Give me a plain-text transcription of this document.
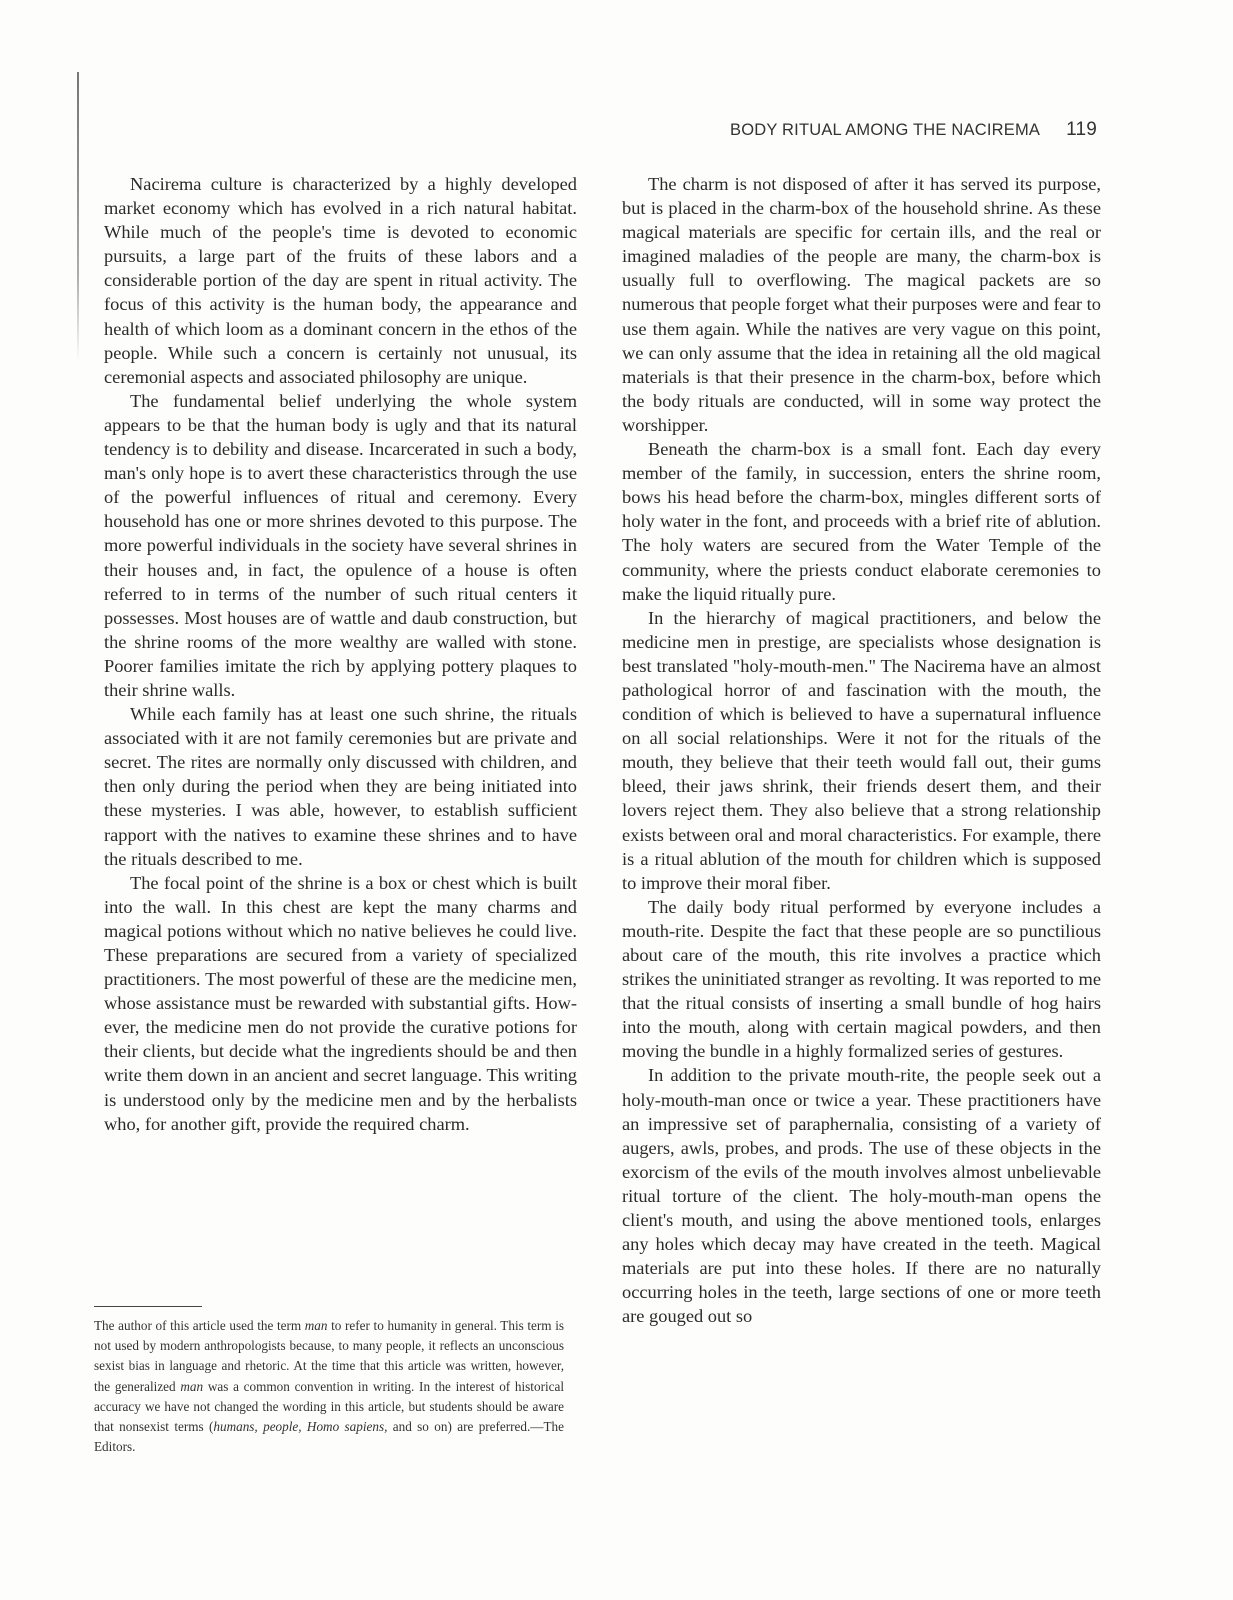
BODY RITUAL AMONG THE NACIREMA 119

Nacirema culture is characterized by a highly developed market economy which has evolved in a rich natural habitat. While much of the people's time is devoted to economic pursuits, a large part of the fruits of these labors and a considerable portion of the day are spent in ritual activity. The focus of this activity is the human body, the appearance and health of which loom as a dominant concern in the ethos of the people. While such a concern is certainly not unusual, its ceremonial aspects and associated philosophy are unique.

The fundamental belief underlying the whole system appears to be that the human body is ugly and that its natural tendency is to debility and disease. Incarcerated in such a body, man's only hope is to avert these characteristics through the use of the powerful influences of ritual and ceremony. Every household has one or more shrines devoted to this purpose. The more powerful individuals in the society have several shrines in their houses and, in fact, the opulence of a house is often referred to in terms of the number of such ritual centers it possesses. Most houses are of wattle and daub construction, but the shrine rooms of the more wealthy are walled with stone. Poorer families imitate the rich by applying pottery plaques to their shrine walls.

While each family has at least one such shrine, the rituals associated with it are not family ceremonies but are private and secret. The rites are normally only discussed with children, and then only during the period when they are being initiated into these mysteries. I was able, however, to establish sufficient rapport with the natives to examine these shrines and to have the rituals described to me.

The focal point of the shrine is a box or chest which is built into the wall. In this chest are kept the many charms and magical potions without which no native believes he could live. These preparations are secured from a variety of specialized practitioners. The most powerful of these are the medicine men, whose assistance must be rewarded with substantial gifts. However, the medicine men do not provide the curative potions for their clients, but decide what the ingredients should be and then write them down in an ancient and secret language. This writing is understood only by the medicine men and by the herbalists who, for another gift, provide the required charm.

The author of this article used the term man to refer to humanity in general. This term is not used by modern anthropologists because, to many people, it reflects an unconscious sexist bias in language and rhetoric. At the time that this article was written, however, the generalized man was a common convention in writing. In the interest of historical accuracy we have not changed the wording in this article, but students should be aware that nonsexist terms (humans, people, Homo sapiens, and so on) are preferred.—The Editors.

The charm is not disposed of after it has served its purpose, but is placed in the charm-box of the household shrine. As these magical materials are specific for certain ills, and the real or imagined maladies of the people are many, the charm-box is usually full to overflowing. The magical packets are so numerous that people forget what their purposes were and fear to use them again. While the natives are very vague on this point, we can only assume that the idea in retaining all the old magical materials is that their presence in the charm-box, before which the body rituals are conducted, will in some way protect the worshipper.

Beneath the charm-box is a small font. Each day every member of the family, in succession, enters the shrine room, bows his head before the charm-box, mingles different sorts of holy water in the font, and proceeds with a brief rite of ablution. The holy waters are secured from the Water Temple of the community, where the priests conduct elaborate ceremonies to make the liquid ritually pure.

In the hierarchy of magical practitioners, and below the medicine men in prestige, are specialists whose designation is best translated "holy-mouth-men." The Nacirema have an almost pathological horror of and fascination with the mouth, the condition of which is believed to have a supernatural influence on all social relationships. Were it not for the rituals of the mouth, they believe that their teeth would fall out, their gums bleed, their jaws shrink, their friends desert them, and their lovers reject them. They also believe that a strong relationship exists between oral and moral characteristics. For example, there is a ritual ablution of the mouth for children which is supposed to improve their moral fiber.

The daily body ritual performed by everyone includes a mouth-rite. Despite the fact that these people are so punctilious about care of the mouth, this rite involves a practice which strikes the uninitiated stranger as revolting. It was reported to me that the ritual consists of inserting a small bundle of hog hairs into the mouth, along with certain magical powders, and then moving the bundle in a highly formalized series of gestures.

In addition to the private mouth-rite, the people seek out a holy-mouth-man once or twice a year. These practitioners have an impressive set of paraphernalia, consisting of a variety of augers, awls, probes, and prods. The use of these objects in the exorcism of the evils of the mouth involves almost unbelievable ritual torture of the client. The holy-mouth-man opens the client's mouth, and using the above mentioned tools, enlarges any holes which decay may have created in the teeth. Magical materials are put into these holes. If there are no naturally occurring holes in the teeth, large sections of one or more teeth are gouged out so
